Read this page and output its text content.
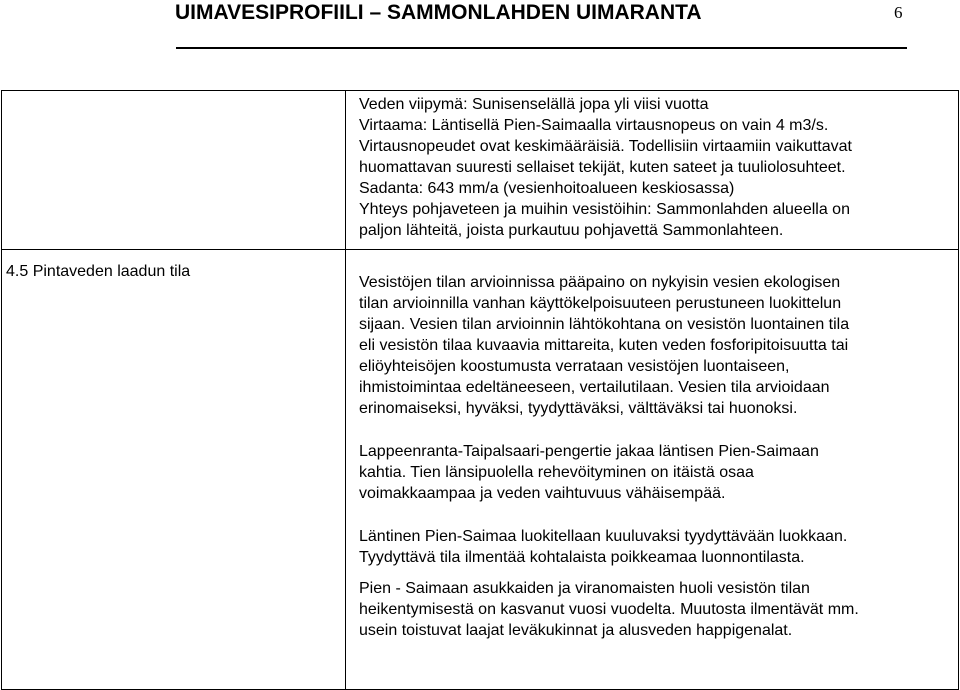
UIMAVESIPROFIILI – SAMMONLAHDEN UIMARANTA	6

Veden viipymä: Sunisenselällä jopa yli viisi vuotta
Virtaama: Läntisellä Pien-Saimaalla virtausnopeus on vain 4 m3/s.
Virtausnopeudet ovat keskimääräisiä. Todellisiin virtaamiin vaikuttavat
huomattavan suuresti sellaiset tekijät, kuten sateet ja tuuliolosuhteet.
Sadanta: 643 mm/a (vesienhoitoalueen keskiosassa)
Yhteys pohjaveteen ja muihin vesistöihin: Sammonlahden alueella on
paljon lähteitä, joista purkautuu pohjavettä Sammonlahteen.

4.5 Pintaveden laadun tila

Vesistöjen tilan arvioinnissa pääpaino on nykyisin vesien ekologisen
tilan arvioinnilla vanhan käyttökelpoisuuteen perustuneen luokittelun
sijaan. Vesien tilan arvioinnin lähtökohtana on vesistön luontainen tila
eli vesistön tilaa kuvaavia mittareita, kuten veden fosforipitoisuutta tai
eliöyhteisöjen koostumusta verrataan vesistöjen luontaiseen,
ihmistoimintaa edeltäneeseen, vertailutilaan. Vesien tila arvioidaan
erinomaiseksi, hyväksi, tyydyttäväksi, välttäväksi tai huonoksi.

Lappeenranta-Taipalsaari-pengertie jakaa läntisen Pien-Saimaan
kahtia. Tien länsipuolella rehevöityminen on itäistä osaa
voimakkaampaa ja veden vaihtuvuus vähäisempää.

Läntinen Pien-Saimaa luokitellaan kuuluvaksi tyydyttävään luokkaan.
Tyydyttävä tila ilmentää kohtalaista poikkeamaa luonnontilasta.

Pien - Saimaan asukkaiden ja viranomaisten huoli vesistön tilan
heikentymisestä on kasvanut vuosi vuodelta. Muutosta ilmentävät mm.
usein toistuvat laajat leväkukinnat ja alusveden happigenalat.
